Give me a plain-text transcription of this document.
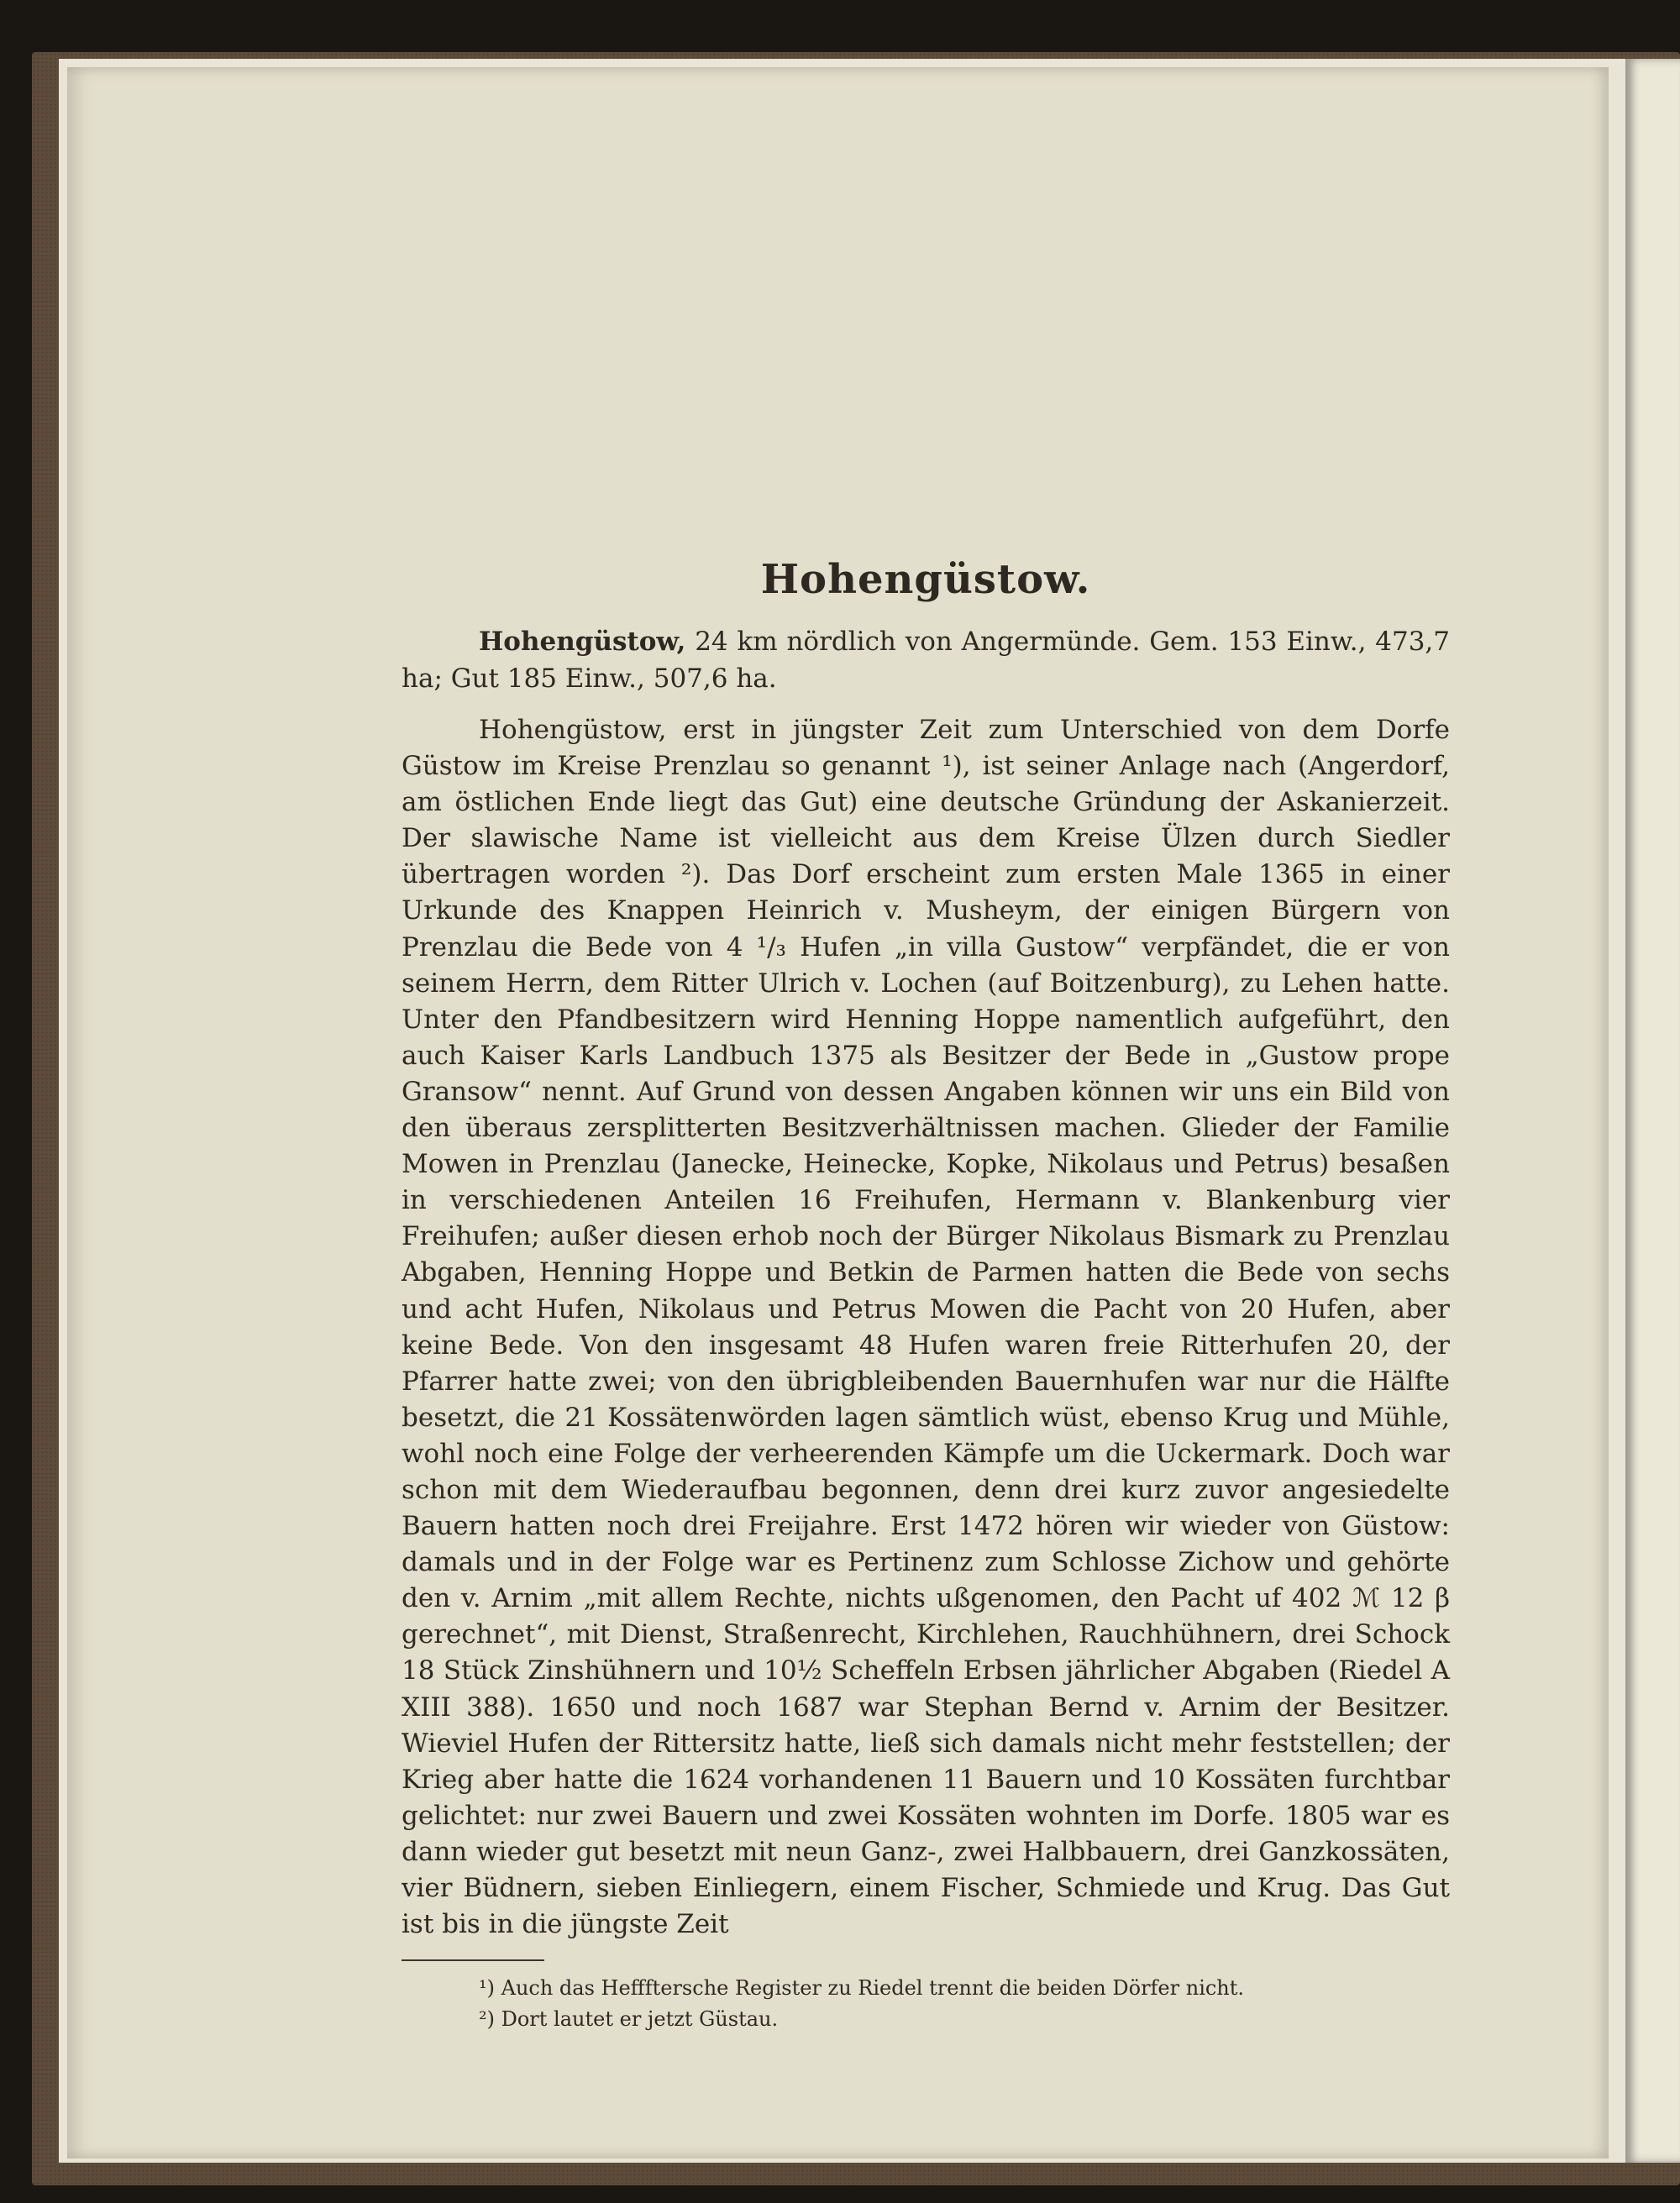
Hohengüstow.

Hohengüstow, 24 km nördlich von Angermünde. Gem. 153 Einw., 473,7 ha; Gut 185 Einw., 507,6 ha.

Hohengüstow, erst in jüngster Zeit zum Unterschied von dem Dorfe Güstow im Kreise Prenzlau so genannt ¹), ist seiner Anlage nach (Angerdorf, am östlichen Ende liegt das Gut) eine deutsche Gründung der Askanierzeit. Der slawische Name ist vielleicht aus dem Kreise Ülzen durch Siedler übertragen worden ²). Das Dorf erscheint zum ersten Male 1365 in einer Urkunde des Knappen Heinrich v. Musheym, der einigen Bürgern von Prenzlau die Bede von 4 ¹/₃ Hufen „in villa Gustow“ verpfändet, die er von seinem Herrn, dem Ritter Ulrich v. Lochen (auf Boitzenburg), zu Lehen hatte. Unter den Pfandbesitzern wird Henning Hoppe namentlich aufgeführt, den auch Kaiser Karls Landbuch 1375 als Besitzer der Bede in „Gustow prope Gransow“ nennt. Auf Grund von dessen Angaben können wir uns ein Bild von den überaus zersplitterten Besitzverhältnissen machen. Glieder der Familie Mowen in Prenzlau (Janecke, Heinecke, Kopke, Nikolaus und Petrus) besaßen in verschiedenen Anteilen 16 Freihufen, Hermann v. Blankenburg vier Freihufen; außer diesen erhob noch der Bürger Nikolaus Bismark zu Prenzlau Abgaben, Henning Hoppe und Betkin de Parmen hatten die Bede von sechs und acht Hufen, Nikolaus und Petrus Mowen die Pacht von 20 Hufen, aber keine Bede. Von den insgesamt 48 Hufen waren freie Ritterhufen 20, der Pfarrer hatte zwei; von den übrigbleibenden Bauernhufen war nur die Hälfte besetzt, die 21 Kossätenwörden lagen sämtlich wüst, ebenso Krug und Mühle, wohl noch eine Folge der verheerenden Kämpfe um die Uckermark. Doch war schon mit dem Wiederaufbau begonnen, denn drei kurz zuvor angesiedelte Bauern hatten noch drei Freijahre. Erst 1472 hören wir wieder von Güstow: damals und in der Folge war es Pertinenz zum Schlosse Zichow und gehörte den v. Arnim „mit allem Rechte, nichts ußgenomen, den Pacht uf 402 ℳ 12 β gerechnet“, mit Dienst, Straßenrecht, Kirchlehen, Rauchhühnern, drei Schock 18 Stück Zinshühnern und 10½ Scheffeln Erbsen jährlicher Abgaben (Riedel A XIII 388). 1650 und noch 1687 war Stephan Bernd v. Arnim der Besitzer. Wieviel Hufen der Rittersitz hatte, ließ sich damals nicht mehr feststellen; der Krieg aber hatte die 1624 vorhandenen 11 Bauern und 10 Kossäten furchtbar gelichtet: nur zwei Bauern und zwei Kossäten wohnten im Dorfe. 1805 war es dann wieder gut besetzt mit neun Ganz-, zwei Halbbauern, drei Ganzkossäten, vier Büdnern, sieben Einliegern, einem Fischer, Schmiede und Krug. Das Gut ist bis in die jüngste Zeit

¹) Auch das Heffftersche Register zu Riedel trennt die beiden Dörfer nicht.

²) Dort lautet er jetzt Güstau.
